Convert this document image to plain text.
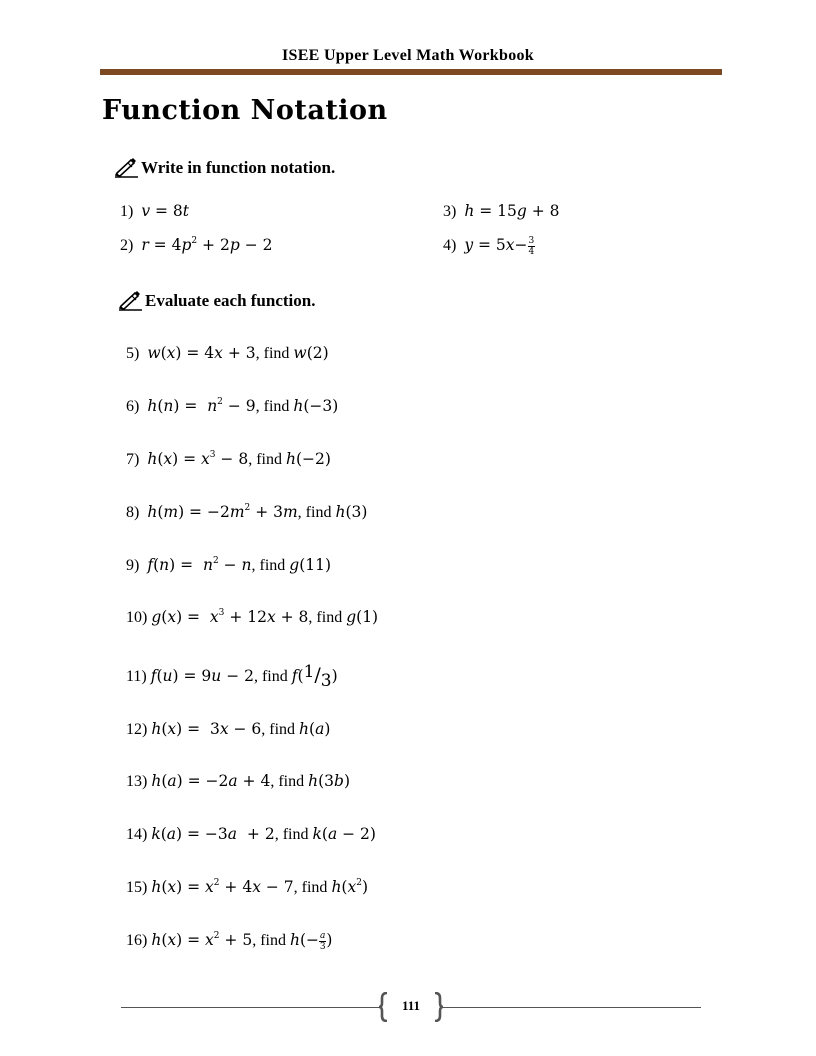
ISEE Upper Level Math Workbook
Function Notation
Write in function notation.
1) v = 8t
2) $r = 4p^2 + 2p - 2$
3) h = 15g + 8
4) $y = 5x- \frac{3}{4}$
Evaluate each function.
5) w(x) = 4x + 3, find w(2)
6) $h(n) = n^2 - 9$, find h(−3)
7) $h(x) = x^3 - 8$, find h(−2)
8) $h(m) = -2m^2 + 3m$, find h(3)
9) $f(n) = n^2 - n$, find g(11)
10) $g(x) = x^3 + 12x + 8$, find g(1)
11) f(u) = 9u − 2, find f(1/3)
12) h(x) =  3x − 6, find h(a)
13) h(a) = −2a + 4, find h(3b)
14) k(a) = −3a  + 2, find k(a − 2)
15) $h(x) = x^2 + 4x - 7$, find $h(x^2)$
16) $h(x) = x^2 + 5$, find $h(- \frac{a}{3}$ )
111
